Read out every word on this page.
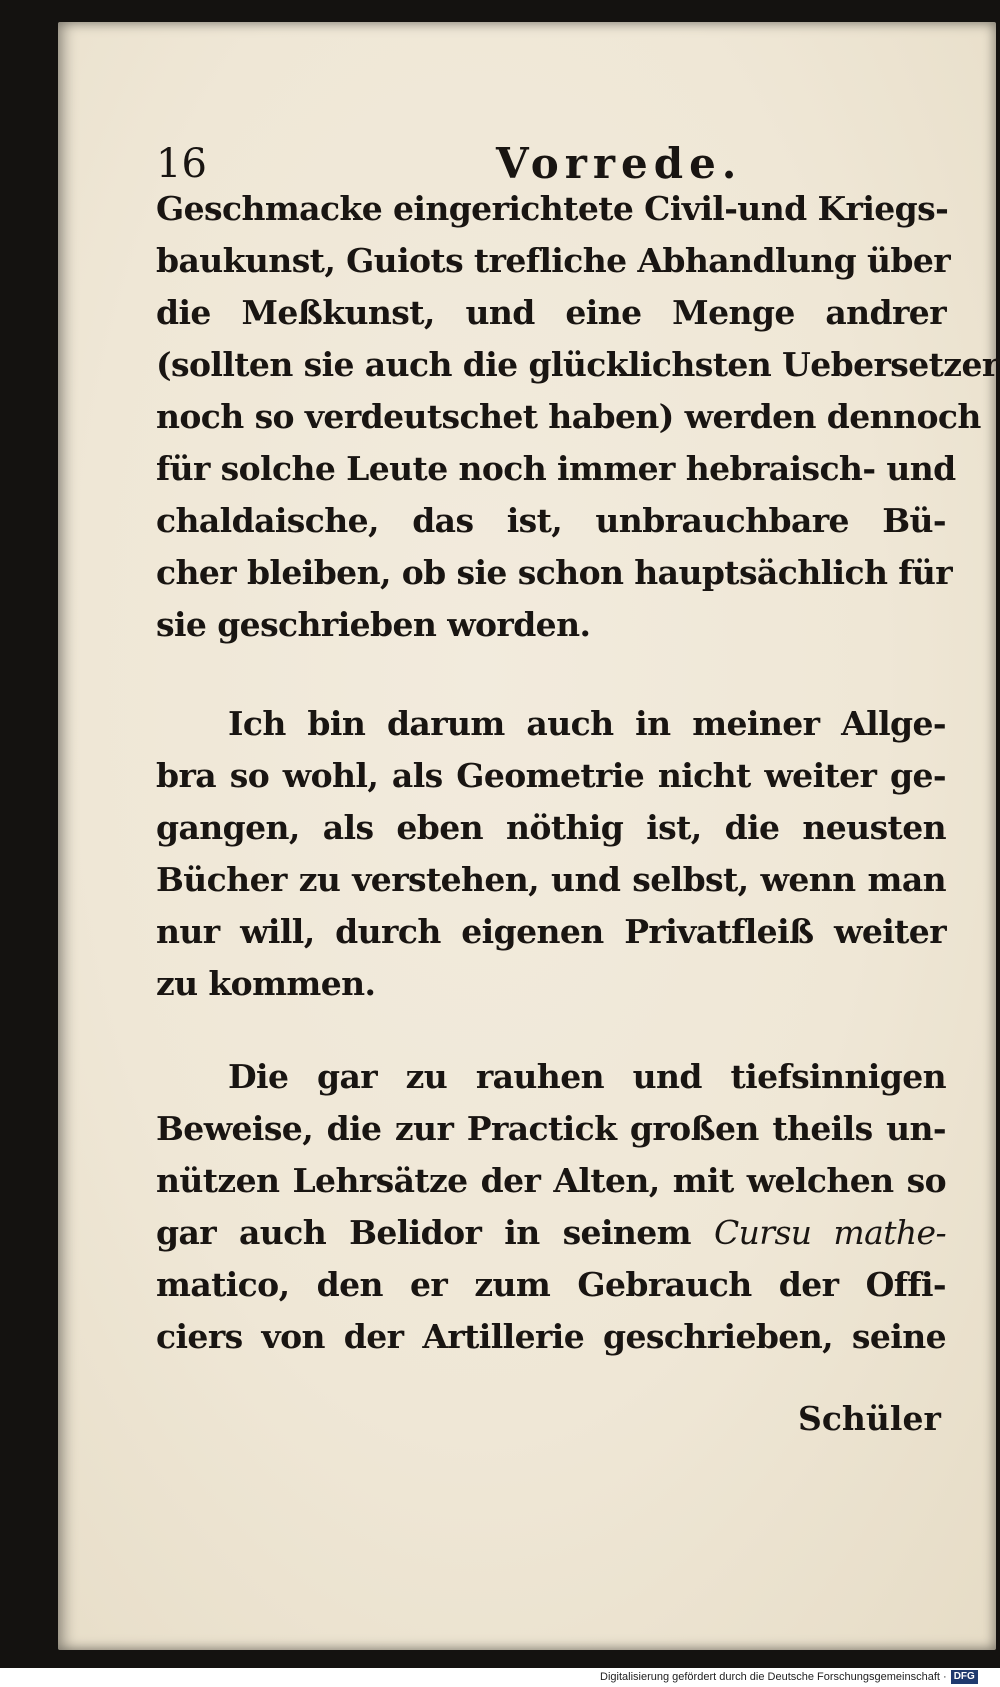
16	Vorrede.
Geschmacke eingerichtete Civil-und Kriegs-
baukunst, Guiots trefliche Abhandlung über
die Meßkunst, und eine Menge andrer
(sollten sie auch die glücklichsten Uebersetzer
noch so verdeutschet haben) werden dennoch
für solche Leute noch immer hebraisch- und
chaldaische, das ist, unbrauchbare Bü-
cher bleiben, ob sie schon hauptsächlich für
sie geschrieben worden.
Ich bin darum auch in meiner Allge-
bra so wohl, als Geometrie nicht weiter ge-
gangen, als eben nöthig ist, die neusten
Bücher zu verstehen, und selbst, wenn man
nur will, durch eigenen Privatfleiß weiter
zu kommen.
Die gar zu rauhen und tiefsinnigen
Beweise, die zur Practick großen theils un-
nützen Lehrsätze der Alten, mit welchen so
gar auch Belidor in seinem Cursu mathe-
matico, den er zum Gebrauch der Offi-
ciers von der Artillerie geschrieben, seine
Schüler
Digitalisierung gefördert durch die Deutsche Forschungsgemeinschaft · DFG
